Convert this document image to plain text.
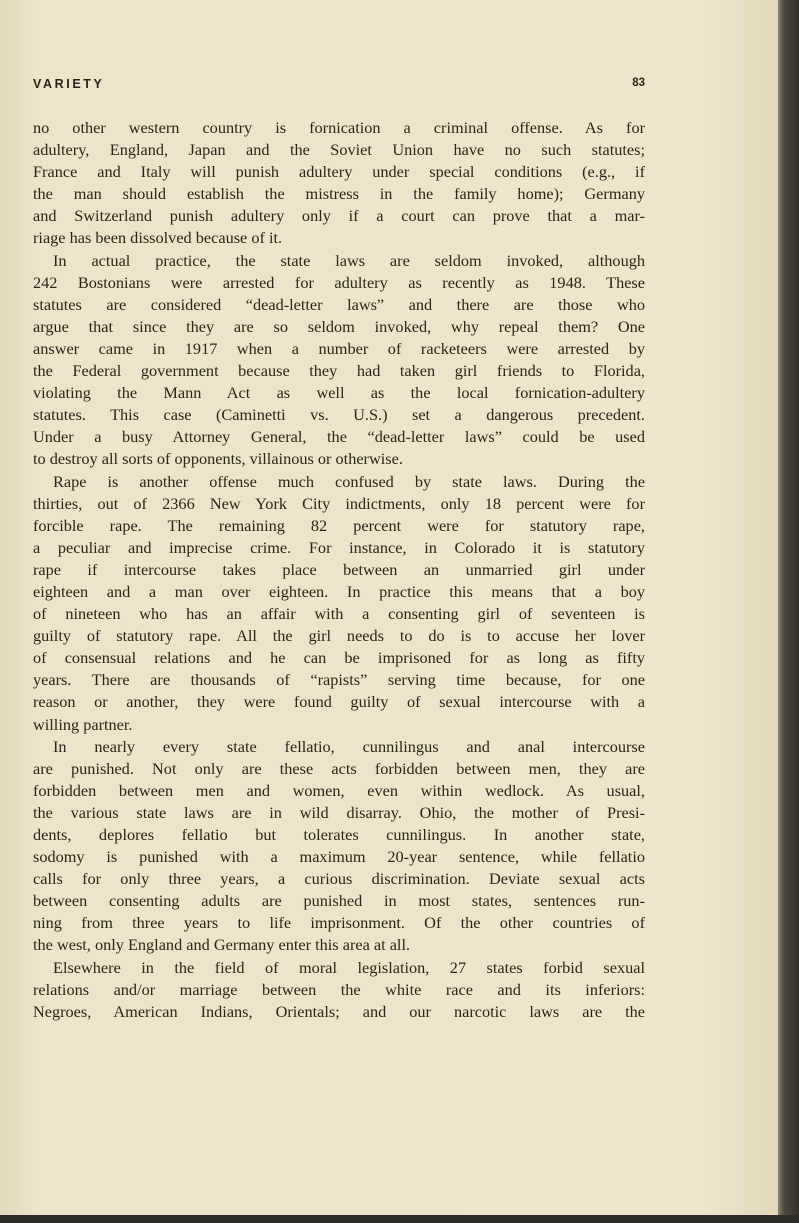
VARIETY	83
no other western country is fornication a criminal offense. As for
adultery, England, Japan and the Soviet Union have no such statutes;
France and Italy will punish adultery under special conditions (e.g., if
the man should establish the mistress in the family home); Germany
and Switzerland punish adultery only if a court can prove that a mar-
riage has been dissolved because of it.
In actual practice, the state laws are seldom invoked, although
242 Bostonians were arrested for adultery as recently as 1948. These
statutes are considered “dead-letter laws” and there are those who
argue that since they are so seldom invoked, why repeal them? One
answer came in 1917 when a number of racketeers were arrested by
the Federal government because they had taken girl friends to Florida,
violating the Mann Act as well as the local fornication-adultery
statutes. This case (Caminetti vs. U.S.) set a dangerous precedent.
Under a busy Attorney General, the “dead-letter laws” could be used
to destroy all sorts of opponents, villainous or otherwise.
Rape is another offense much confused by state laws. During the
thirties, out of 2366 New York City indictments, only 18 percent were for
forcible rape. The remaining 82 percent were for statutory rape,
a peculiar and imprecise crime. For instance, in Colorado it is statutory
rape if intercourse takes place between an unmarried girl under
eighteen and a man over eighteen. In practice this means that a boy
of nineteen who has an affair with a consenting girl of seventeen is
guilty of statutory rape. All the girl needs to do is to accuse her lover
of consensual relations and he can be imprisoned for as long as fifty
years. There are thousands of “rapists” serving time because, for one
reason or another, they were found guilty of sexual intercourse with a
willing partner.
In nearly every state fellatio, cunnilingus and anal intercourse
are punished. Not only are these acts forbidden between men, they are
forbidden between men and women, even within wedlock. As usual,
the various state laws are in wild disarray. Ohio, the mother of Presi-
dents, deplores fellatio but tolerates cunnilingus. In another state,
sodomy is punished with a maximum 20-year sentence, while fellatio
calls for only three years, a curious discrimination. Deviate sexual acts
between consenting adults are punished in most states, sentences run-
ning from three years to life imprisonment. Of the other countries of
the west, only England and Germany enter this area at all.
Elsewhere in the field of moral legislation, 27 states forbid sexual
relations and/or marriage between the white race and its inferiors:
Negroes, American Indians, Orientals; and our narcotic laws are the
